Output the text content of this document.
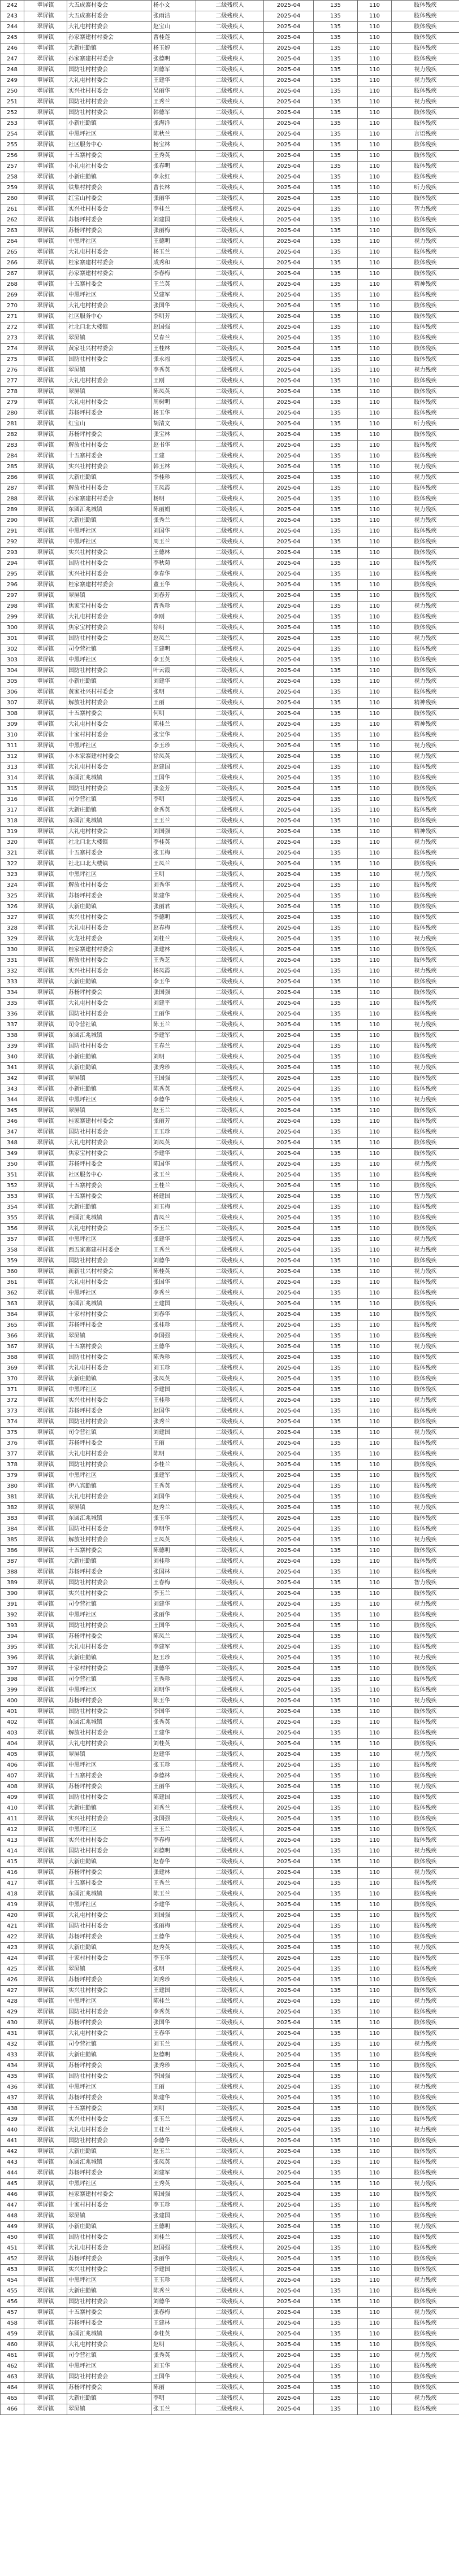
242	翠屏镇	大五成寨村委会	杨小文	二级残疾人	2025-04	135	110	肢体残疾
243	翠屏镇	大五成寨村委会	张雨洁	二级残疾人	2025-04	135	110	肢体残疾
244	翠屏镇	大礼屯村村委会	赵宝山	二级残疾人	2025-04	135	110	肢体残疾
245	翠屏镇	孙家寨建村村委会	曹桂莲	二级残疾人	2025-04	135	110	肢体残疾
246	翠屏镇	大新庄勤镇	杨玉婷	二级残疾人	2025-04	135	110	肢体残疾
247	翠屏镇	孙家寨建村村委会	张德明	二级残疾人	2025-04	135	110	肢体残疾
248	翠屏镇	国防社村村委会	刘德军	二级残疾人	2025-04	135	110	视力残疾
249	翠屏镇	大礼屯村村委会	王建华	二级残疾人	2025-04	135	110	视力残疾
250	翠屏镇	实兴社村村委会	吴丽华	二级残疾人	2025-04	135	110	肢体残疾
251	翠屏镇	国防社村村委会	王秀兰	二级残疾人	2025-04	135	110	视力残疾
252	翠屏镇	国防社村村委会	韩德军	二级残疾人	2025-04	135	110	肢体残疾
253	翠屏镇	小新庄勤镇	张海洋	二级残疾人	2025-04	135	110	肢体残疾
254	翠屏镇	中黑坪社区	陈秋兰	二级残疾人	2025-04	135	110	言语残疾
255	翠屏镇	社区服务中心	杨宝林	二级残疾人	2025-04	135	110	肢体残疾
256	翠屏镇	十五寨村委会	王秀英	二级残疾人	2025-04	135	110	肢体残疾
257	翠屏镇	小礼屯社村委会	张春明	二级残疾人	2025-04	135	110	肢体残疾
258	翠屏镇	小新庄勤镇	李永红	二级残疾人	2025-04	135	110	肢体残疾
259	翠屏镇	铁集村村委会	曹长林	二级残疾人	2025-04	135	110	听力残疾
260	翠屏镇	红宝山村委会	张丽华	二级残疾人	2025-04	135	110	肢体残疾
261	翠屏镇	实兴社村村委会	李桂兰	二级残疾人	2025-04	135	110	智力残疾
262	翠屏镇	苏杨坪村委会	刘建国	二级残疾人	2025-04	135	110	肢体残疾
263	翠屏镇	苏杨坪村委会	张丽梅	二级残疾人	2025-04	135	110	肢体残疾
264	翠屏镇	中黑坪社区	王德明	二级残疾人	2025-04	135	110	视力残疾
265	翠屏镇	大礼屯村村委会	杨玉兰	二级残疾人	2025-04	135	110	肢体残疾
266	翠屏镇	桂家寨建村村委会	成秀和	二级残疾人	2025-04	135	110	肢体残疾
267	翠屏镇	孙家寨建村村委会	李春梅	二级残疾人	2025-04	135	110	肢体残疾
268	翠屏镇	十五寨村委会	王兰英	二级残疾人	2025-04	135	110	精神残疾
269	翠屏镇	中黑坪社区	吴建军	二级残疾人	2025-04	135	110	肢体残疾
270	翠屏镇	大礼屯村村委会	张国华	二级残疾人	2025-04	135	110	肢体残疾
271	翠屏镇	社区服务中心	李明芳	二级残疾人	2025-04	135	110	肢体残疾
272	翠屏镇	社北口北大楼镇	赵国强	二级残疾人	2025-04	135	110	肢体残疾
273	翠屏镇	翠屏镇	吴春兰	二级残疾人	2025-04	135	110	肢体残疾
274	翠屏镇	黄家社兴村村委会	王桂林	二级残疾人	2025-04	135	110	肢体残疾
275	翠屏镇	国防社村村委会	张永福	二级残疾人	2025-04	135	110	肢体残疾
276	翠屏镇	翠屏镇	李秀英	二级残疾人	2025-04	135	110	视力残疾
277	翠屏镇	大礼屯村村委会	王刚	二级残疾人	2025-04	135	110	肢体残疾
278	翠屏镇	翠屏镇	陈凤英	二级残疾人	2025-04	135	110	肢体残疾
279	翠屏镇	大礼屯村村委会	周树明	二级残疾人	2025-04	135	110	肢体残疾
280	翠屏镇	苏杨坪村委会	杨玉华	二级残疾人	2025-04	135	110	肢体残疾
281	翠屏镇	红宝山	胡清文	二级残疾人	2025-04	135	110	听力残疾
282	翠屏镇	苏杨坪村委会	张宝林	二级残疾人	2025-04	135	110	肢体残疾
283	翠屏镇	解放社村村委会	赵书华	二级残疾人	2025-04	135	110	肢体残疾
284	翠屏镇	十五寨村委会	王建	二级残疾人	2025-04	135	110	肢体残疾
285	翠屏镇	实兴社村村委会	韩玉林	二级残疾人	2025-04	135	110	视力残疾
286	翠屏镇	大新庄勤镇	李桂珍	二级残疾人	2025-04	135	110	视力残疾
287	翠屏镇	解放社村村委会	王凤霞	二级残疾人	2025-04	135	110	肢体残疾
288	翠屏镇	孙家寨建村村委会	杨明	二级残疾人	2025-04	135	110	肢体残疾
289	翠屏镇	东圆汇兆城镇	陈丽娟	二级残疾人	2025-04	135	110	视力残疾
290	翠屏镇	大新庄勤镇	张秀兰	二级残疾人	2025-04	135	110	视力残疾
291	翠屏镇	中黑坪社区	刘国华	二级残疾人	2025-04	135	110	肢体残疾
292	翠屏镇	中黑坪社区	周玉兰	二级残疾人	2025-04	135	110	肢体残疾
293	翠屏镇	实兴社村村委会	王德林	二级残疾人	2025-04	135	110	肢体残疾
294	翠屏镇	国防社村村委会	李秋菊	二级残疾人	2025-04	135	110	肢体残疾
295	翠屏镇	实兴社村村委会	李春华	二级残疾人	2025-04	135	110	肢体残疾
296	翠屏镇	桂家寨建村村委会	董玉华	二级残疾人	2025-04	135	110	肢体残疾
297	翠屏镇	翠屏镇	刘春芳	二级残疾人	2025-04	135	110	肢体残疾
298	翠屏镇	焦家宝村村委会	曹秀珍	二级残疾人	2025-04	135	110	视力残疾
299	翠屏镇	大礼屯村村委会	李刚	二级残疾人	2025-04	135	110	肢体残疾
300	翠屏镇	焦家宝村村委会	徐明	二级残疾人	2025-04	135	110	肢体残疾
301	翠屏镇	国防社村村委会	赵凤兰	二级残疾人	2025-04	135	110	视力残疾
302	翠屏镇	司令营社镇	王建明	二级残疾人	2025-04	135	110	肢体残疾
303	翠屏镇	中黑坪社区	李玉英	二级残疾人	2025-04	135	110	肢体残疾
304	翠屏镇	国防社村村委会	叶云霞	二级残疾人	2025-04	135	110	肢体残疾
305	翠屏镇	小新庄勤镇	刘建华	二级残疾人	2025-04	135	110	视力残疾
306	翠屏镇	黄家社兴村村委会	张明	二级残疾人	2025-04	135	110	肢体残疾
307	翠屏镇	解放社村村委会	王丽	二级残疾人	2025-04	135	110	精神残疾
308	翠屏镇	十五寨村委会	何明	二级残疾人	2025-04	135	110	肢体残疾
309	翠屏镇	大礼屯村村委会	陈桂兰	二级残疾人	2025-04	135	110	精神残疾
310	翠屏镇	十家村村村委会	张宝华	二级残疾人	2025-04	135	110	肢体残疾
311	翠屏镇	中黑坪社区	李玉珍	二级残疾人	2025-04	135	110	视力残疾
312	翠屏镇	小木家寨建村村委会	徐凤英	二级残疾人	2025-04	135	110	视力残疾
313	翠屏镇	大礼屯村村委会	赵建国	二级残疾人	2025-04	135	110	肢体残疾
314	翠屏镇	东圆汇兆城镇	王国华	二级残疾人	2025-04	135	110	肢体残疾
315	翠屏镇	国防社村村委会	张金芳	二级残疾人	2025-04	135	110	肢体残疾
316	翠屏镇	司令营社镇	李明	二级残疾人	2025-04	135	110	肢体残疾
317	翠屏镇	大新庄勤镇	金秀英	二级残疾人	2025-04	135	110	肢体残疾
318	翠屏镇	东圆汇兆城镇	王玉兰	二级残疾人	2025-04	135	110	肢体残疾
319	翠屏镇	大礼屯村村委会	刘国强	二级残疾人	2025-04	135	110	精神残疾
320	翠屏镇	社北口北大楼镇	李桂英	二级残疾人	2025-04	135	110	视力残疾
321	翠屏镇	十五寨村委会	张玉梅	二级残疾人	2025-04	135	110	肢体残疾
322	翠屏镇	社北口北大楼镇	王凤兰	二级残疾人	2025-04	135	110	肢体残疾
323	翠屏镇	中黑坪社区	王明	二级残疾人	2025-04	135	110	视力残疾
324	翠屏镇	解放社村村委会	刘秀华	二级残疾人	2025-04	135	110	肢体残疾
325	翠屏镇	苏杨坪村委会	陈建华	二级残疾人	2025-04	135	110	肢体残疾
326	翠屏镇	大新庄勤镇	张丽君	二级残疾人	2025-04	135	110	肢体残疾
327	翠屏镇	实兴社村村委会	李德明	二级残疾人	2025-04	135	110	肢体残疾
328	翠屏镇	大礼屯村村委会	赵春梅	二级残疾人	2025-04	135	110	肢体残疾
329	翠屏镇	火龙社村委会	刘桂兰	二级残疾人	2025-04	135	110	视力残疾
330	翠屏镇	桂家寨建村村委会	张建林	二级残疾人	2025-04	135	110	肢体残疾
331	翠屏镇	解放社村村委会	王秀芝	二级残疾人	2025-04	135	110	肢体残疾
332	翠屏镇	实兴社村村委会	杨凤霞	二级残疾人	2025-04	135	110	视力残疾
333	翠屏镇	大新庄勤镇	李玉华	二级残疾人	2025-04	135	110	肢体残疾
334	翠屏镇	苏杨坪村委会	张国强	二级残疾人	2025-04	135	110	肢体残疾
335	翠屏镇	大礼屯村村委会	刘建平	二级残疾人	2025-04	135	110	肢体残疾
336	翠屏镇	国防社村村委会	王丽华	二级残疾人	2025-04	135	110	肢体残疾
337	翠屏镇	司令营社镇	陈玉兰	二级残疾人	2025-04	135	110	视力残疾
338	翠屏镇	东圆汇兆城镇	李建军	二级残疾人	2025-04	135	110	肢体残疾
339	翠屏镇	国防社村村委会	王春兰	二级残疾人	2025-04	135	110	肢体残疾
340	翠屏镇	小新庄勤镇	刘明	二级残疾人	2025-04	135	110	肢体残疾
341	翠屏镇	大新庄勤镇	张秀珍	二级残疾人	2025-04	135	110	视力残疾
342	翠屏镇	翠屏镇	王国强	二级残疾人	2025-04	135	110	肢体残疾
343	翠屏镇	小新庄勤镇	陈秀英	二级残疾人	2025-04	135	110	肢体残疾
344	翠屏镇	中黑坪社区	李德华	二级残疾人	2025-04	135	110	视力残疾
345	翠屏镇	翠屏镇	赵玉兰	二级残疾人	2025-04	135	110	肢体残疾
346	翠屏镇	桂家寨建村村委会	张丽芳	二级残疾人	2025-04	135	110	肢体残疾
347	翠屏镇	国防社村村委会	王玉珍	二级残疾人	2025-04	135	110	肢体残疾
348	翠屏镇	大礼屯村村委会	刘凤英	二级残疾人	2025-04	135	110	肢体残疾
349	翠屏镇	焦家宝村村委会	李建华	二级残疾人	2025-04	135	110	肢体残疾
350	翠屏镇	苏杨坪村委会	陈国华	二级残疾人	2025-04	135	110	视力残疾
351	翠屏镇	社区服务中心	张玉兰	二级残疾人	2025-04	135	110	肢体残疾
352	翠屏镇	十五寨村委会	王桂兰	二级残疾人	2025-04	135	110	肢体残疾
353	翠屏镇	十五寨村委会	杨建国	二级残疾人	2025-04	135	110	智力残疾
354	翠屏镇	大新庄勤镇	刘玉梅	二级残疾人	2025-04	135	110	肢体残疾
355	翠屏镇	西圆汇兆城镇	曹凤兰	二级残疾人	2025-04	135	110	肢体残疾
356	翠屏镇	大礼屯村村委会	李玉兰	二级残疾人	2025-04	135	110	肢体残疾
357	翠屏镇	中黑坪社区	张建华	二级残疾人	2025-04	135	110	视力残疾
358	翠屏镇	西五家寨建村村委会	王秀兰	二级残疾人	2025-04	135	110	视力残疾
359	翠屏镇	国防社村村委会	刘德华	二级残疾人	2025-04	135	110	肢体残疾
360	翠屏镇	新新社兴村村委会	陈桂英	二级残疾人	2025-04	135	110	视力残疾
361	翠屏镇	大礼屯村村委会	张国华	二级残疾人	2025-04	135	110	肢体残疾
362	翠屏镇	中黑坪社区	李秀兰	二级残疾人	2025-04	135	110	肢体残疾
363	翠屏镇	东圆汇兆城镇	王建国	二级残疾人	2025-04	135	110	肢体残疾
364	翠屏镇	十家村村村委会	刘春华	二级残疾人	2025-04	135	110	肢体残疾
365	翠屏镇	苏杨坪村委会	张桂珍	二级残疾人	2025-04	135	110	肢体残疾
366	翠屏镇	翠屏镇	李国强	二级残疾人	2025-04	135	110	肢体残疾
367	翠屏镇	十五寨村委会	王德华	二级残疾人	2025-04	135	110	视力残疾
368	翠屏镇	国防社村村委会	陈秀珍	二级残疾人	2025-04	135	110	肢体残疾
369	翠屏镇	大礼屯村村委会	刘玉珍	二级残疾人	2025-04	135	110	肢体残疾
370	翠屏镇	大新庄勤镇	张凤英	二级残疾人	2025-04	135	110	肢体残疾
371	翠屏镇	中黑坪社区	李建国	二级残疾人	2025-04	135	110	肢体残疾
372	翠屏镇	实兴社村村委会	王桂珍	二级残疾人	2025-04	135	110	视力残疾
373	翠屏镇	苏杨坪村委会	赵国华	二级残疾人	2025-04	135	110	肢体残疾
374	翠屏镇	国防社村村委会	张秀兰	二级残疾人	2025-04	135	110	肢体残疾
375	翠屏镇	司令营社镇	刘建国	二级残疾人	2025-04	135	110	视力残疾
376	翠屏镇	苏杨坪村委会	王丽	二级残疾人	2025-04	135	110	肢体残疾
377	翠屏镇	大礼屯村村委会	陈明	二级残疾人	2025-04	135	110	肢体残疾
378	翠屏镇	国防社村村委会	李桂兰	二级残疾人	2025-04	135	110	肢体残疾
379	翠屏镇	中黑坪社区	张建军	二级残疾人	2025-04	135	110	肢体残疾
380	翠屏镇	伊八宾勤镇	王秀英	二级残疾人	2025-04	135	110	肢体残疾
381	翠屏镇	大礼屯村村委会	刘国华	二级残疾人	2025-04	135	110	肢体残疾
382	翠屏镇	翠屏镇	赵秀兰	二级残疾人	2025-04	135	110	视力残疾
383	翠屏镇	东圆汇兆城镇	张玉华	二级残疾人	2025-04	135	110	肢体残疾
384	翠屏镇	国防社村村委会	李明华	二级残疾人	2025-04	135	110	肢体残疾
385	翠屏镇	解放社村村委会	王凤英	二级残疾人	2025-04	135	110	视力残疾
386	翠屏镇	十五寨村委会	陈德明	二级残疾人	2025-04	135	110	肢体残疾
387	翠屏镇	大新庄勤镇	刘桂珍	二级残疾人	2025-04	135	110	肢体残疾
388	翠屏镇	苏杨坪村委会	张国林	二级残疾人	2025-04	135	110	肢体残疾
389	翠屏镇	国防社村村委会	王春梅	二级残疾人	2025-04	135	110	智力残疾
390	翠屏镇	实兴社村村委会	李玉兰	二级残疾人	2025-04	135	110	肢体残疾
391	翠屏镇	司令营社镇	刘建华	二级残疾人	2025-04	135	110	视力残疾
392	翠屏镇	中黑坪社区	张丽华	二级残疾人	2025-04	135	110	肢体残疾
393	翠屏镇	国防社村村委会	王国华	二级残疾人	2025-04	135	110	肢体残疾
394	翠屏镇	苏杨坪村委会	陈凤兰	二级残疾人	2025-04	135	110	肢体残疾
395	翠屏镇	大礼屯村村委会	李建军	二级残疾人	2025-04	135	110	肢体残疾
396	翠屏镇	大新庄勤镇	赵玉珍	二级残疾人	2025-04	135	110	视力残疾
397	翠屏镇	十家村村村委会	张德华	二级残疾人	2025-04	135	110	肢体残疾
398	翠屏镇	司令营社镇	王秀珍	二级残疾人	2025-04	135	110	肢体残疾
399	翠屏镇	中黑坪社区	刘明华	二级残疾人	2025-04	135	110	肢体残疾
400	翠屏镇	苏杨坪村委会	陈玉华	二级残疾人	2025-04	135	110	视力残疾
401	翠屏镇	国防社村村委会	李国华	二级残疾人	2025-04	135	110	肢体残疾
402	翠屏镇	东圆汇兆城镇	张秀英	二级残疾人	2025-04	135	110	肢体残疾
403	翠屏镇	解放社村村委会	王建华	二级残疾人	2025-04	135	110	肢体残疾
404	翠屏镇	大礼屯村村委会	刘桂英	二级残疾人	2025-04	135	110	肢体残疾
405	翠屏镇	翠屏镇	赵建华	二级残疾人	2025-04	135	110	视力残疾
406	翠屏镇	中黑坪社区	张玉珍	二级残疾人	2025-04	135	110	肢体残疾
407	翠屏镇	十五寨村委会	李德林	二级残疾人	2025-04	135	110	肢体残疾
408	翠屏镇	苏杨坪村委会	王丽华	二级残疾人	2025-04	135	110	视力残疾
409	翠屏镇	国防社村村委会	陈建国	二级残疾人	2025-04	135	110	肢体残疾
410	翠屏镇	大新庄勤镇	刘秀兰	二级残疾人	2025-04	135	110	肢体残疾
411	翠屏镇	实兴社村村委会	张国强	二级残疾人	2025-04	135	110	肢体残疾
412	翠屏镇	中黑坪社区	王玉兰	二级残疾人	2025-04	135	110	肢体残疾
413	翠屏镇	实兴社村村委会	李春梅	二级残疾人	2025-04	135	110	肢体残疾
414	翠屏镇	国防社村村委会	刘德明	二级残疾人	2025-04	135	110	视力残疾
415	翠屏镇	大新庄勤镇	赵春华	二级残疾人	2025-04	135	110	肢体残疾
416	翠屏镇	苏杨坪村委会	张建林	二级残疾人	2025-04	135	110	视力残疾
417	翠屏镇	十五寨村委会	王秀兰	二级残疾人	2025-04	135	110	肢体残疾
418	翠屏镇	东圆汇兆城镇	陈玉兰	二级残疾人	2025-04	135	110	肢体残疾
419	翠屏镇	中黑坪社区	李建华	二级残疾人	2025-04	135	110	肢体残疾
420	翠屏镇	大礼屯村村委会	刘国强	二级残疾人	2025-04	135	110	肢体残疾
421	翠屏镇	国防社村村委会	张丽梅	二级残疾人	2025-04	135	110	肢体残疾
422	翠屏镇	苏杨坪村委会	王德华	二级残疾人	2025-04	135	110	肢体残疾
423	翠屏镇	大新庄勤镇	赵秀英	二级残疾人	2025-04	135	110	视力残疾
424	翠屏镇	十家村村村委会	李玉华	二级残疾人	2025-04	135	110	肢体残疾
425	翠屏镇	翠屏镇	张明	二级残疾人	2025-04	135	110	肢体残疾
426	翠屏镇	苏杨坪村委会	刘秀珍	二级残疾人	2025-04	135	110	肢体残疾
427	翠屏镇	实兴社村村委会	王建国	二级残疾人	2025-04	135	110	肢体残疾
428	翠屏镇	中黑坪社区	陈桂兰	二级残疾人	2025-04	135	110	视力残疾
429	翠屏镇	国防社村村委会	李秀英	二级残疾人	2025-04	135	110	肢体残疾
430	翠屏镇	苏杨坪村委会	张国华	二级残疾人	2025-04	135	110	肢体残疾
431	翠屏镇	大礼屯村村委会	王春华	二级残疾人	2025-04	135	110	肢体残疾
432	翠屏镇	司令营社镇	刘玉兰	二级残疾人	2025-04	135	110	视力残疾
433	翠屏镇	大新庄勤镇	赵德明	二级残疾人	2025-04	135	110	肢体残疾
434	翠屏镇	苏杨坪村委会	张秀珍	二级残疾人	2025-04	135	110	肢体残疾
435	翠屏镇	国防社村村委会	李国强	二级残疾人	2025-04	135	110	肢体残疾
436	翠屏镇	中黑坪社区	王丽	二级残疾人	2025-04	135	110	视力残疾
437	翠屏镇	苏杨坪村委会	陈建华	二级残疾人	2025-04	135	110	肢体残疾
438	翠屏镇	十五寨村委会	刘明	二级残疾人	2025-04	135	110	肢体残疾
439	翠屏镇	实兴社村村委会	张玉兰	二级残疾人	2025-04	135	110	肢体残疾
440	翠屏镇	大礼屯村村委会	王桂兰	二级残疾人	2025-04	135	110	视力残疾
441	翠屏镇	国防社村村委会	李德华	二级残疾人	2025-04	135	110	肢体残疾
442	翠屏镇	大新庄勤镇	赵玉兰	二级残疾人	2025-04	135	110	肢体残疾
443	翠屏镇	东圆汇兆城镇	张凤英	二级残疾人	2025-04	135	110	肢体残疾
444	翠屏镇	苏杨坪村委会	刘建军	二级残疾人	2025-04	135	110	肢体残疾
445	翠屏镇	中黑坪社区	王秀英	二级残疾人	2025-04	135	110	视力残疾
446	翠屏镇	桂家寨建村村委会	陈国强	二级残疾人	2025-04	135	110	肢体残疾
447	翠屏镇	十家村村村委会	李玉珍	二级残疾人	2025-04	135	110	肢体残疾
448	翠屏镇	翠屏镇	张建国	二级残疾人	2025-04	135	110	肢体残疾
449	翠屏镇	小新庄勤镇	王德明	二级残疾人	2025-04	135	110	视力残疾
450	翠屏镇	国防社村村委会	刘桂兰	二级残疾人	2025-04	135	110	肢体残疾
451	翠屏镇	大礼屯村村委会	赵国强	二级残疾人	2025-04	135	110	肢体残疾
452	翠屏镇	苏杨坪村委会	张丽华	二级残疾人	2025-04	135	110	肢体残疾
453	翠屏镇	实兴社村村委会	李建国	二级残疾人	2025-04	135	110	肢体残疾
454	翠屏镇	中黑坪社区	王玉珍	二级残疾人	2025-04	135	110	视力残疾
455	翠屏镇	大新庄勤镇	陈秀兰	二级残疾人	2025-04	135	110	肢体残疾
456	翠屏镇	国防社村村委会	刘德华	二级残疾人	2025-04	135	110	肢体残疾
457	翠屏镇	十五寨村委会	张春梅	二级残疾人	2025-04	135	110	视力残疾
458	翠屏镇	苏杨坪村委会	王建林	二级残疾人	2025-04	135	110	肢体残疾
459	翠屏镇	东圆汇兆城镇	李桂英	二级残疾人	2025-04	135	110	肢体残疾
460	翠屏镇	大礼屯村村委会	赵明	二级残疾人	2025-04	135	110	肢体残疾
461	翠屏镇	司令营社镇	张秀英	二级残疾人	2025-04	135	110	视力残疾
462	翠屏镇	中黑坪社区	刘玉华	二级残疾人	2025-04	135	110	肢体残疾
463	翠屏镇	国防社村村委会	王国华	二级残疾人	2025-04	135	110	肢体残疾
464	翠屏镇	苏杨坪村委会	陈丽	二级残疾人	2025-04	135	110	肢体残疾
465	翠屏镇	大新庄勤镇	李明	二级残疾人	2025-04	135	110	视力残疾
466	翠屏镇	翠屏镇	张玉兰	二级残疾人	2025-04	135	110	肢体残疾
